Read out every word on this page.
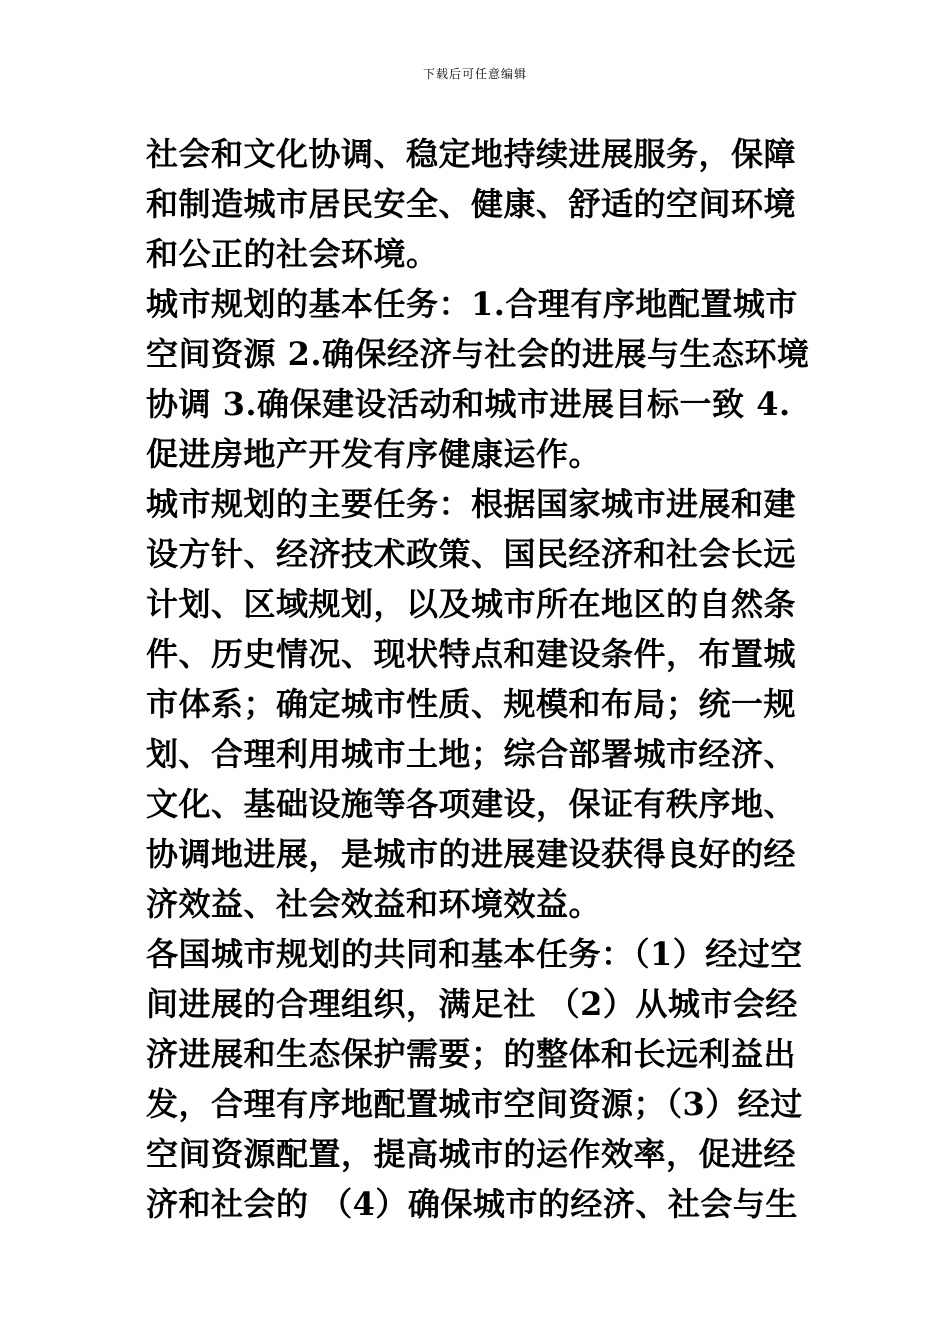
下载后可任意编辑
社会和文化协调、稳定地持续进展服务，保障
和制造城市居民安全、健康、舒适的空间环境
和公正的社会环境。
城市规划的基本任务：1.合理有序地配置城市
空间资源 2.确保经济与社会的进展与生态环境
协调 3.确保建设活动和城市进展目标一致 4.
促进房地产开发有序健康运作。
城市规划的主要任务：根据国家城市进展和建
设方针、经济技术政策、国民经济和社会长远
计划、区域规划，以及城市所在地区的自然条
件、历史情况、现状特点和建设条件，布置城
市体系；确定城市性质、规模和布局；统一规
划、合理利用城市土地；综合部署城市经济、
文化、基础设施等各项建设，保证有秩序地、
协调地进展，是城市的进展建设获得良好的经
济效益、社会效益和环境效益。
各国城市规划的共同和基本任务：（1）经过空
间进展的合理组织，满足社 （2）从城市会经
济进展和生态保护需要；的整体和长远利益出
发，合理有序地配置城市空间资源；（3）经过
空间资源配置，提高城市的运作效率，促进经
济和社会的 （4）确保城市的经济、社会与生
